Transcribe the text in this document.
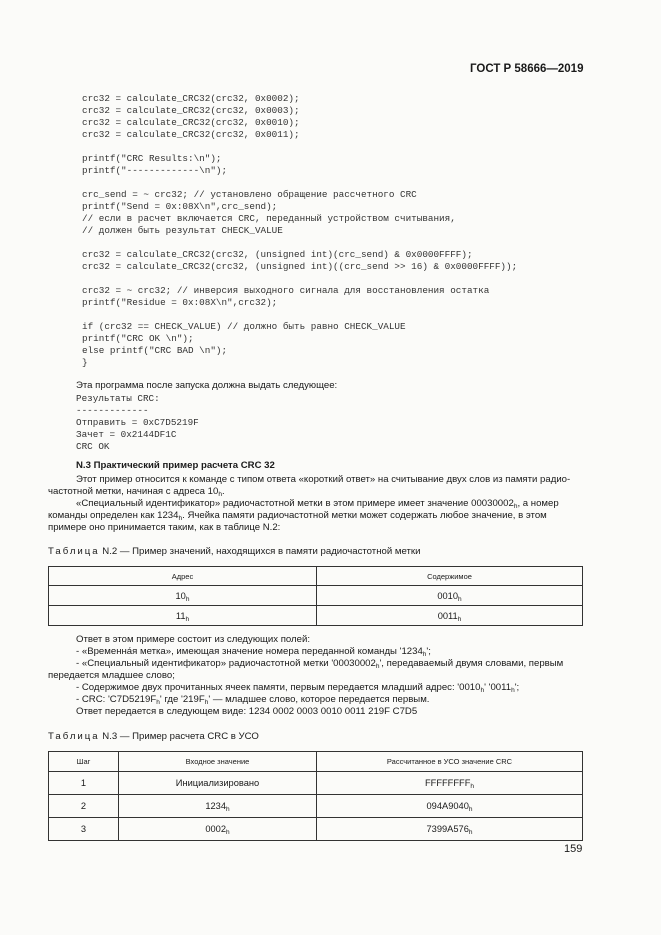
ГОСТ Р 58666—2019
crc32 = calculate_CRC32(crc32, 0x0002);
crc32 = calculate_CRC32(crc32, 0x0003);
crc32 = calculate_CRC32(crc32, 0x0010);
crc32 = calculate_CRC32(crc32, 0x0011);
printf("CRC Results:\n");
printf("-------------\n");
crc_send = ~ crc32; // установлено обращение рассчетного CRC
printf("Send = 0x:08X\n",crc_send);
// если в расчет включается CRC, переданный устройством считывания,
// должен быть результат CHECK_VALUE
crc32 = calculate_CRC32(crc32, (unsigned int)(crc_send) & 0x0000FFFF);
crc32 = calculate_CRC32(crc32, (unsigned int)((crc_send >> 16) & 0x0000FFFF));
crc32 = ~ crc32; // инверсия выходного сигнала для восстановления остатка
printf("Residue = 0x:08X\n",crc32);
if (crc32 == CHECK_VALUE) // должно быть равно CHECK_VALUE
printf("CRC OK \n");
else printf("CRC BAD \n");
}
Эта программа после запуска должна выдать следующее:
Результаты CRC:
-------------
Отправить = 0xC7D5219F
Зачет = 0x2144DF1C
CRC OK
N.3 Практический пример расчета CRC 32
Этот пример относится к команде с типом ответа «короткий ответ» на считывание двух слов из памяти радио-
частотной метки, начиная с адреса $10_h$.
«Специальный идентификатор» радиочастотной метки в этом примере имеет значение $00030002_h$, а номер
команды определен как $1234_h$. Ячейка памяти радиочастотной метки может содержать любое значение, в этом
примере оно принимается таким, как в таблице N.2:
Таблица N.2 — Пример значений, находящихся в памяти радиочастотной метки
Адрес	Содержимое
$10_h$	$0010_h$
$11_h$	$0011_h$
Ответ в этом примере состоит из следующих полей:
- «Временна́я метка», имеющая значение номера переданной команды '$1234_h$';
- «Специальный идентификатор» радиочастотной метки '$00030002_h$', передаваемый двумя словами, первым
передается младшее слово;
- Содержимое двух прочитанных ячеек памяти, первым передается младший адрес: '$0010_h$' '$0011_h$';
- CRC: '$C7D5219F_h$' где '$219F_h$' — младшее слово, которое передается первым.
Ответ передается в следующем виде: 1234 0002 0003 0010 0011 219F C7D5
Таблица N.3 — Пример расчета CRC в УСО
Шаг	Входное значение	Рассчитанное в УСО значение CRC
1	Инициализировано	$FFFFFFFF_h$
2	$1234_h$	$094A9040_h$
3	$0002_h$	$7399A576_h$
159
